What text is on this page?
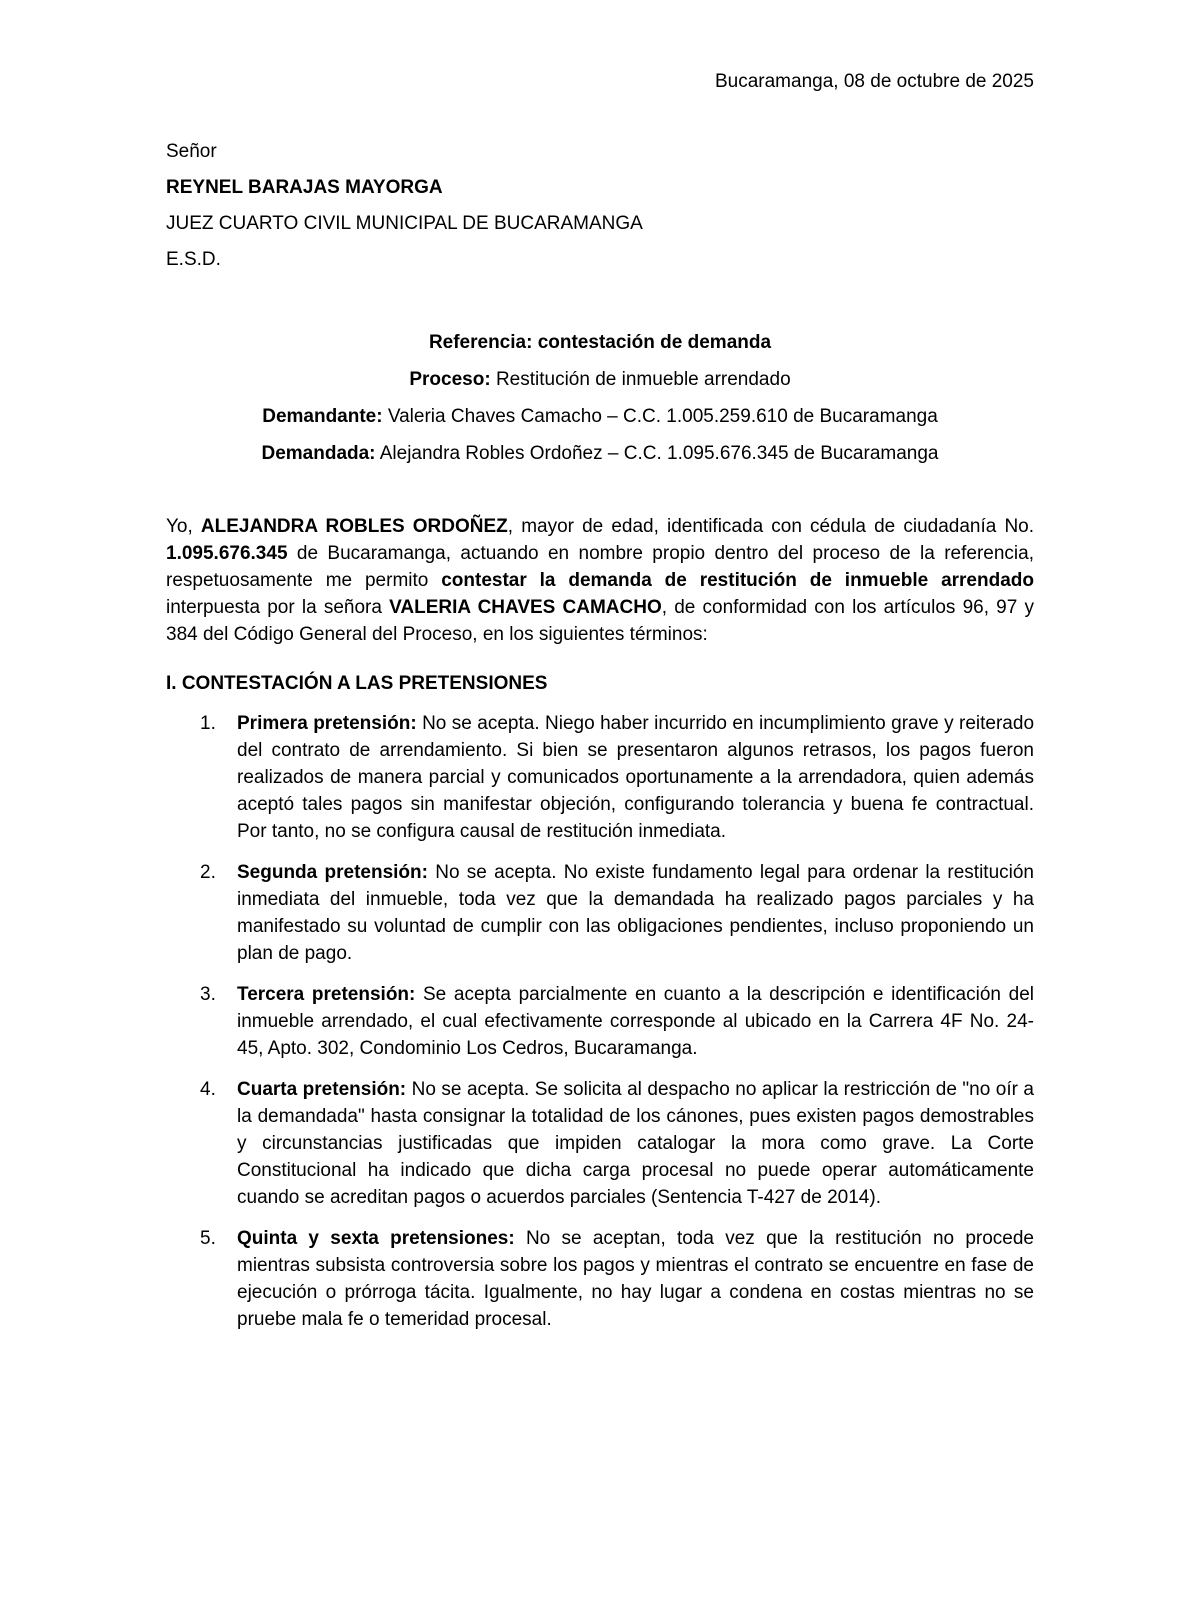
Bucaramanga, 08 de octubre de 2025
Señor
REYNEL BARAJAS MAYORGA
JUEZ CUARTO CIVIL MUNICIPAL DE BUCARAMANGA
E.S.D.

Referencia: contestación de demanda

Proceso: Restitución de inmueble arrendado

Demandante: Valeria Chaves Camacho – C.C. 1.005.259.610 de Bucaramanga

Demandada: Alejandra Robles Ordoñez – C.C. 1.095.676.345 de Bucaramanga

Yo, ALEJANDRA ROBLES ORDOÑEZ, mayor de edad, identificada con cédula de ciudadanía No. 1.095.676.345 de Bucaramanga, actuando en nombre propio dentro del proceso de la referencia, respetuosamente me permito contestar la demanda de restitución de inmueble arrendado interpuesta por la señora VALERIA CHAVES CAMACHO, de conformidad con los artículos 96, 97 y 384 del Código General del Proceso, en los siguientes términos:
I. CONTESTACIÓN A LAS PRETENSIONES
1. Primera pretensión: No se acepta. Niego haber incurrido en incumplimiento grave y reiterado del contrato de arrendamiento. Si bien se presentaron algunos retrasos, los pagos fueron realizados de manera parcial y comunicados oportunamente a la arrendadora, quien además aceptó tales pagos sin manifestar objeción, configurando tolerancia y buena fe contractual. Por tanto, no se configura causal de restitución inmediata.
2. Segunda pretensión: No se acepta. No existe fundamento legal para ordenar la restitución inmediata del inmueble, toda vez que la demandada ha realizado pagos parciales y ha manifestado su voluntad de cumplir con las obligaciones pendientes, incluso proponiendo un plan de pago.
3. Tercera pretensión: Se acepta parcialmente en cuanto a la descripción e identificación del inmueble arrendado, el cual efectivamente corresponde al ubicado en la Carrera 4F No. 24-45, Apto. 302, Condominio Los Cedros, Bucaramanga.
4. Cuarta pretensión: No se acepta. Se solicita al despacho no aplicar la restricción de "no oír a la demandada" hasta consignar la totalidad de los cánones, pues existen pagos demostrables y circunstancias justificadas que impiden catalogar la mora como grave. La Corte Constitucional ha indicado que dicha carga procesal no puede operar automáticamente cuando se acreditan pagos o acuerdos parciales (Sentencia T-427 de 2014).
5. Quinta y sexta pretensiones: No se aceptan, toda vez que la restitución no procede mientras subsista controversia sobre los pagos y mientras el contrato se encuentre en fase de ejecución o prórroga tácita. Igualmente, no hay lugar a condena en costas mientras no se pruebe mala fe o temeridad procesal.
